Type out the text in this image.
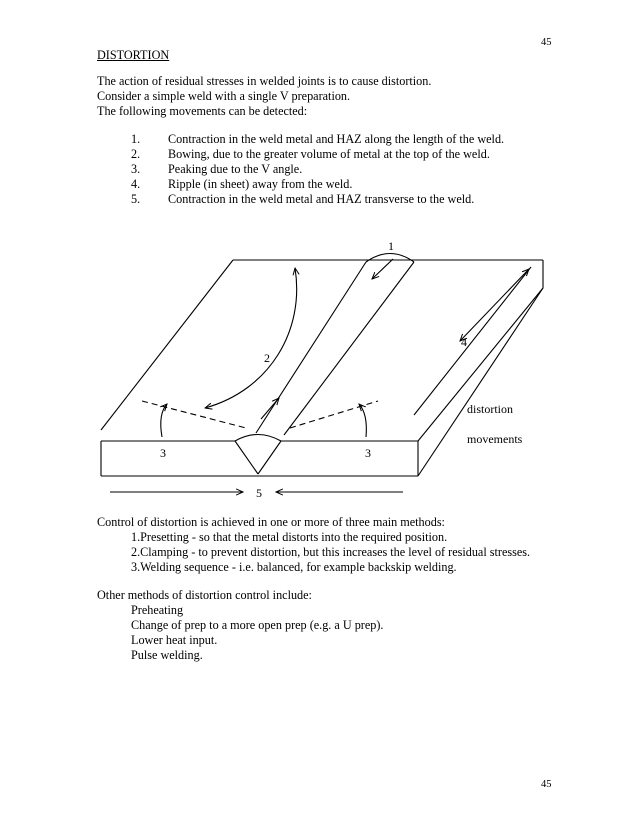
45
45
DISTORTION
The action of residual stresses in welded joints is to cause distortion.
Consider a simple weld with a single V preparation.
The following movements can be detected:
1. Contraction in the weld metal and HAZ along the length of the weld.
2. Bowing, due to the greater volume of metal at the top of the weld.
3. Peaking due to the V angle.
4. Ripple (in sheet) away from the weld.
5. Contraction in the weld metal and HAZ transverse to the weld.
1
2
3	3
4
5
distortion
movements
Control of distortion is achieved in one or more of three main methods:
1.Presetting - so that the metal distorts into the required position.
2.Clamping - to prevent distortion, but this increases the level of residual stresses.
3.Welding sequence - i.e. balanced, for example backskip welding.
Other methods of distortion control include:
Preheating
Change of prep to a more open prep (e.g. a U prep).
Lower heat input.
Pulse welding.
